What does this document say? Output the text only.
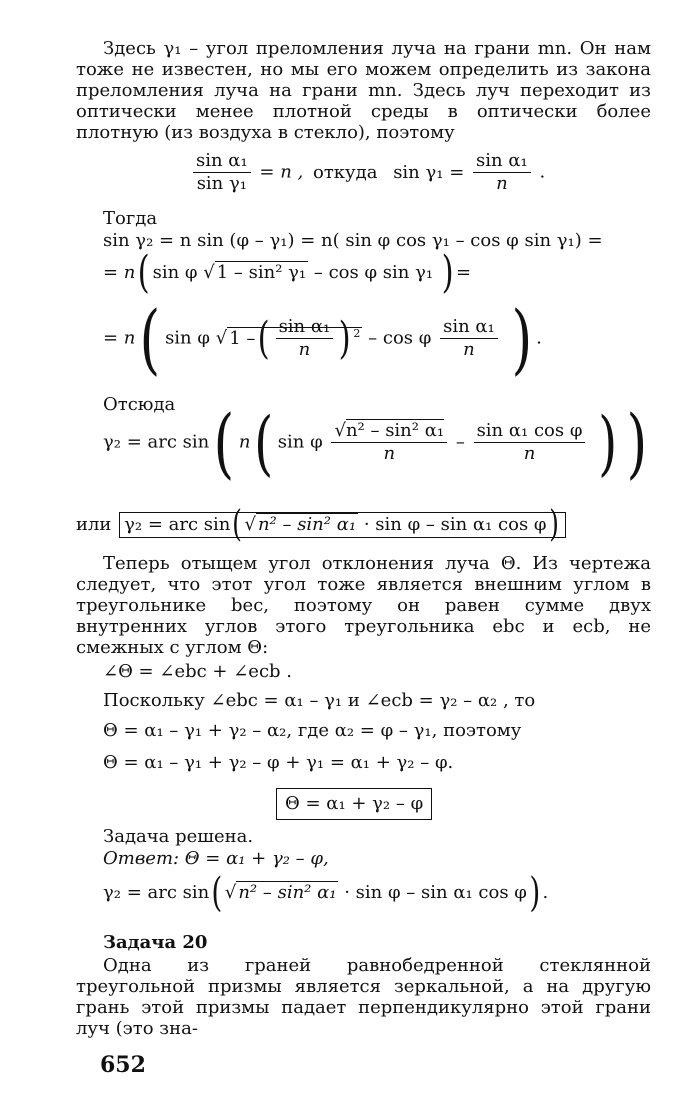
Здесь γ₁ – угол преломления луча на грани mn. Он нам тоже не известен, но мы его можем определить из закона преломления луча на грани mn. Здесь луч переходит из оптически менее плотной среды в оптически более плотную (из воздуха в стекло), поэтому
$\frac{\text{sin α₁}}{\text{sin γ₁}} = n$ , откуда $\sin \gamma_1 = \frac{\text{sin α₁}}{n}$ .
Тогда
sin γ₂ = n sin (φ – γ₁) = n( sin φ cos γ₁ – cos φ sin γ₁) =
= n( sin φ √ 1 – sin² γ₁ – cos φ sin γ₁ ) =
= n( sin φ √ 1 –( $\frac{\text{sin α₁}}{n}$ ) $^2$ – cos φ $\frac{\text{sin α₁}}{n}$ ) .
Отсюда
γ₂ = arc sin( n( sin φ $\frac{\text{√n² – sin² α₁}}{n} - \frac{\text{sin α₁ cos φ}}{n}$ ) )
или γ₂ = arc sin( √ n² – sin² α₁ · sin φ – sin α₁ cos φ)
Теперь отыщем угол отклонения луча Θ. Из чертежа следует, что этот угол тоже является внешним углом в треугольнике bec, поэтому он равен сумме двух внутренних углов этого треугольника ebc и ecb, не смежных с углом Θ:
∠Θ = ∠ebc + ∠ecb .
Поскольку ∠ebc = α₁ – γ₁ и ∠ecb = γ₂ – α₂ , то
Θ = α₁ – γ₁ + γ₂ – α₂, где α₂ = φ – γ₁, поэтому
Θ = α₁ – γ₁ + γ₂ – φ + γ₁ = α₁ + γ₂ – φ.
Θ = α₁ + γ₂ – φ
Задача решена.
Ответ: Θ = α₁ + γ₂ – φ,
γ₂ = arc sin( √ n² – sin² α₁ · sin φ – sin α₁ cos φ) .
Задача 20
Одна из граней равнобедренной стеклянной треугольной призмы является зеркальной, а на другую грань этой призмы падает перпендикулярно этой грани луч (это зна-
652
